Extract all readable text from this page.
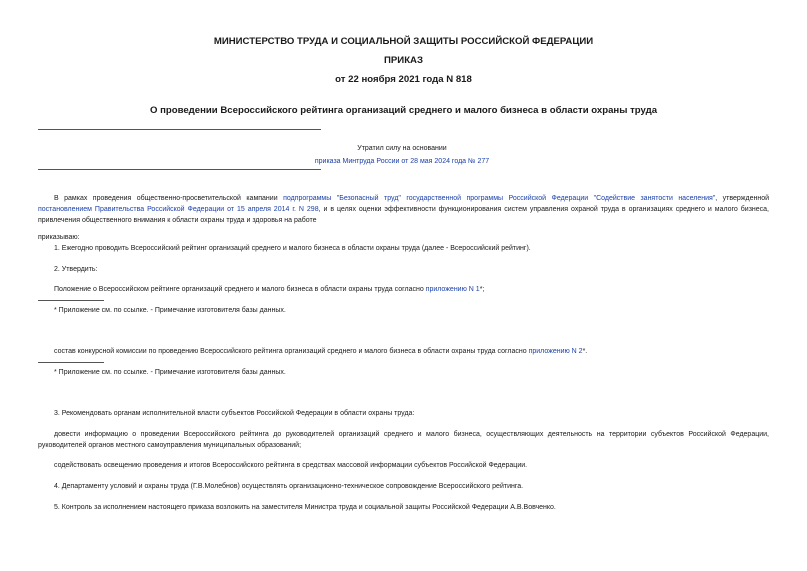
МИНИСТЕРСТВО ТРУДА И СОЦИАЛЬНОЙ ЗАЩИТЫ РОССИЙСКОЙ ФЕДЕРАЦИИ
ПРИКАЗ
от 22 ноября 2021 года N 818
О проведении Всероссийского рейтинга организаций среднего и малого бизнеса в области охраны труда
Утратил силу на основании
приказа Минтруда России от 28 мая 2024 года № 277
В рамках проведения общественно-просветительской кампании подпрограммы "Безопасный труд" государственной программы Российской Федерации "Содействие занятости населения", утвержденной постановлением Правительства Российской Федерации от 15 апреля 2014 г. N 298, и в целях оценки эффективности функционирования систем управления охраной труда в организациях среднего и малого бизнеса, привлечения общественного внимания к области охраны труда и здоровья на работе
приказываю:
1. Ежегодно проводить Всероссийский рейтинг организаций среднего и малого бизнеса в области охраны труда (далее - Всероссийский рейтинг).
2. Утвердить:
Положение о Всероссийском рейтинге организаций среднего и малого бизнеса в области охраны труда согласно приложению N 1*;
* Приложение см. по ссылке. - Примечание изготовителя базы данных.
состав конкурсной комиссии по проведению Всероссийского рейтинга организаций среднего и малого бизнеса в области охраны труда согласно приложению N 2*.
* Приложение см. по ссылке. - Примечание изготовителя базы данных.
3. Рекомендовать органам исполнительной власти субъектов Российской Федерации в области охраны труда:
довести информацию о проведении Всероссийского рейтинга до руководителей организаций среднего и малого бизнеса, осуществляющих деятельность на территории субъектов Российской Федерации, руководителей органов местного самоуправления муниципальных образований;
содействовать освещению проведения и итогов Всероссийского рейтинга в средствах массовой информации субъектов Российской Федерации.
4. Департаменту условий и охраны труда (Г.В.Молебнов) осуществлять организационно-техническое сопровождение Всероссийского рейтинга.
5. Контроль за исполнением настоящего приказа возложить на заместителя Министра труда и социальной защиты Российской Федерации А.В.Вовченко.
